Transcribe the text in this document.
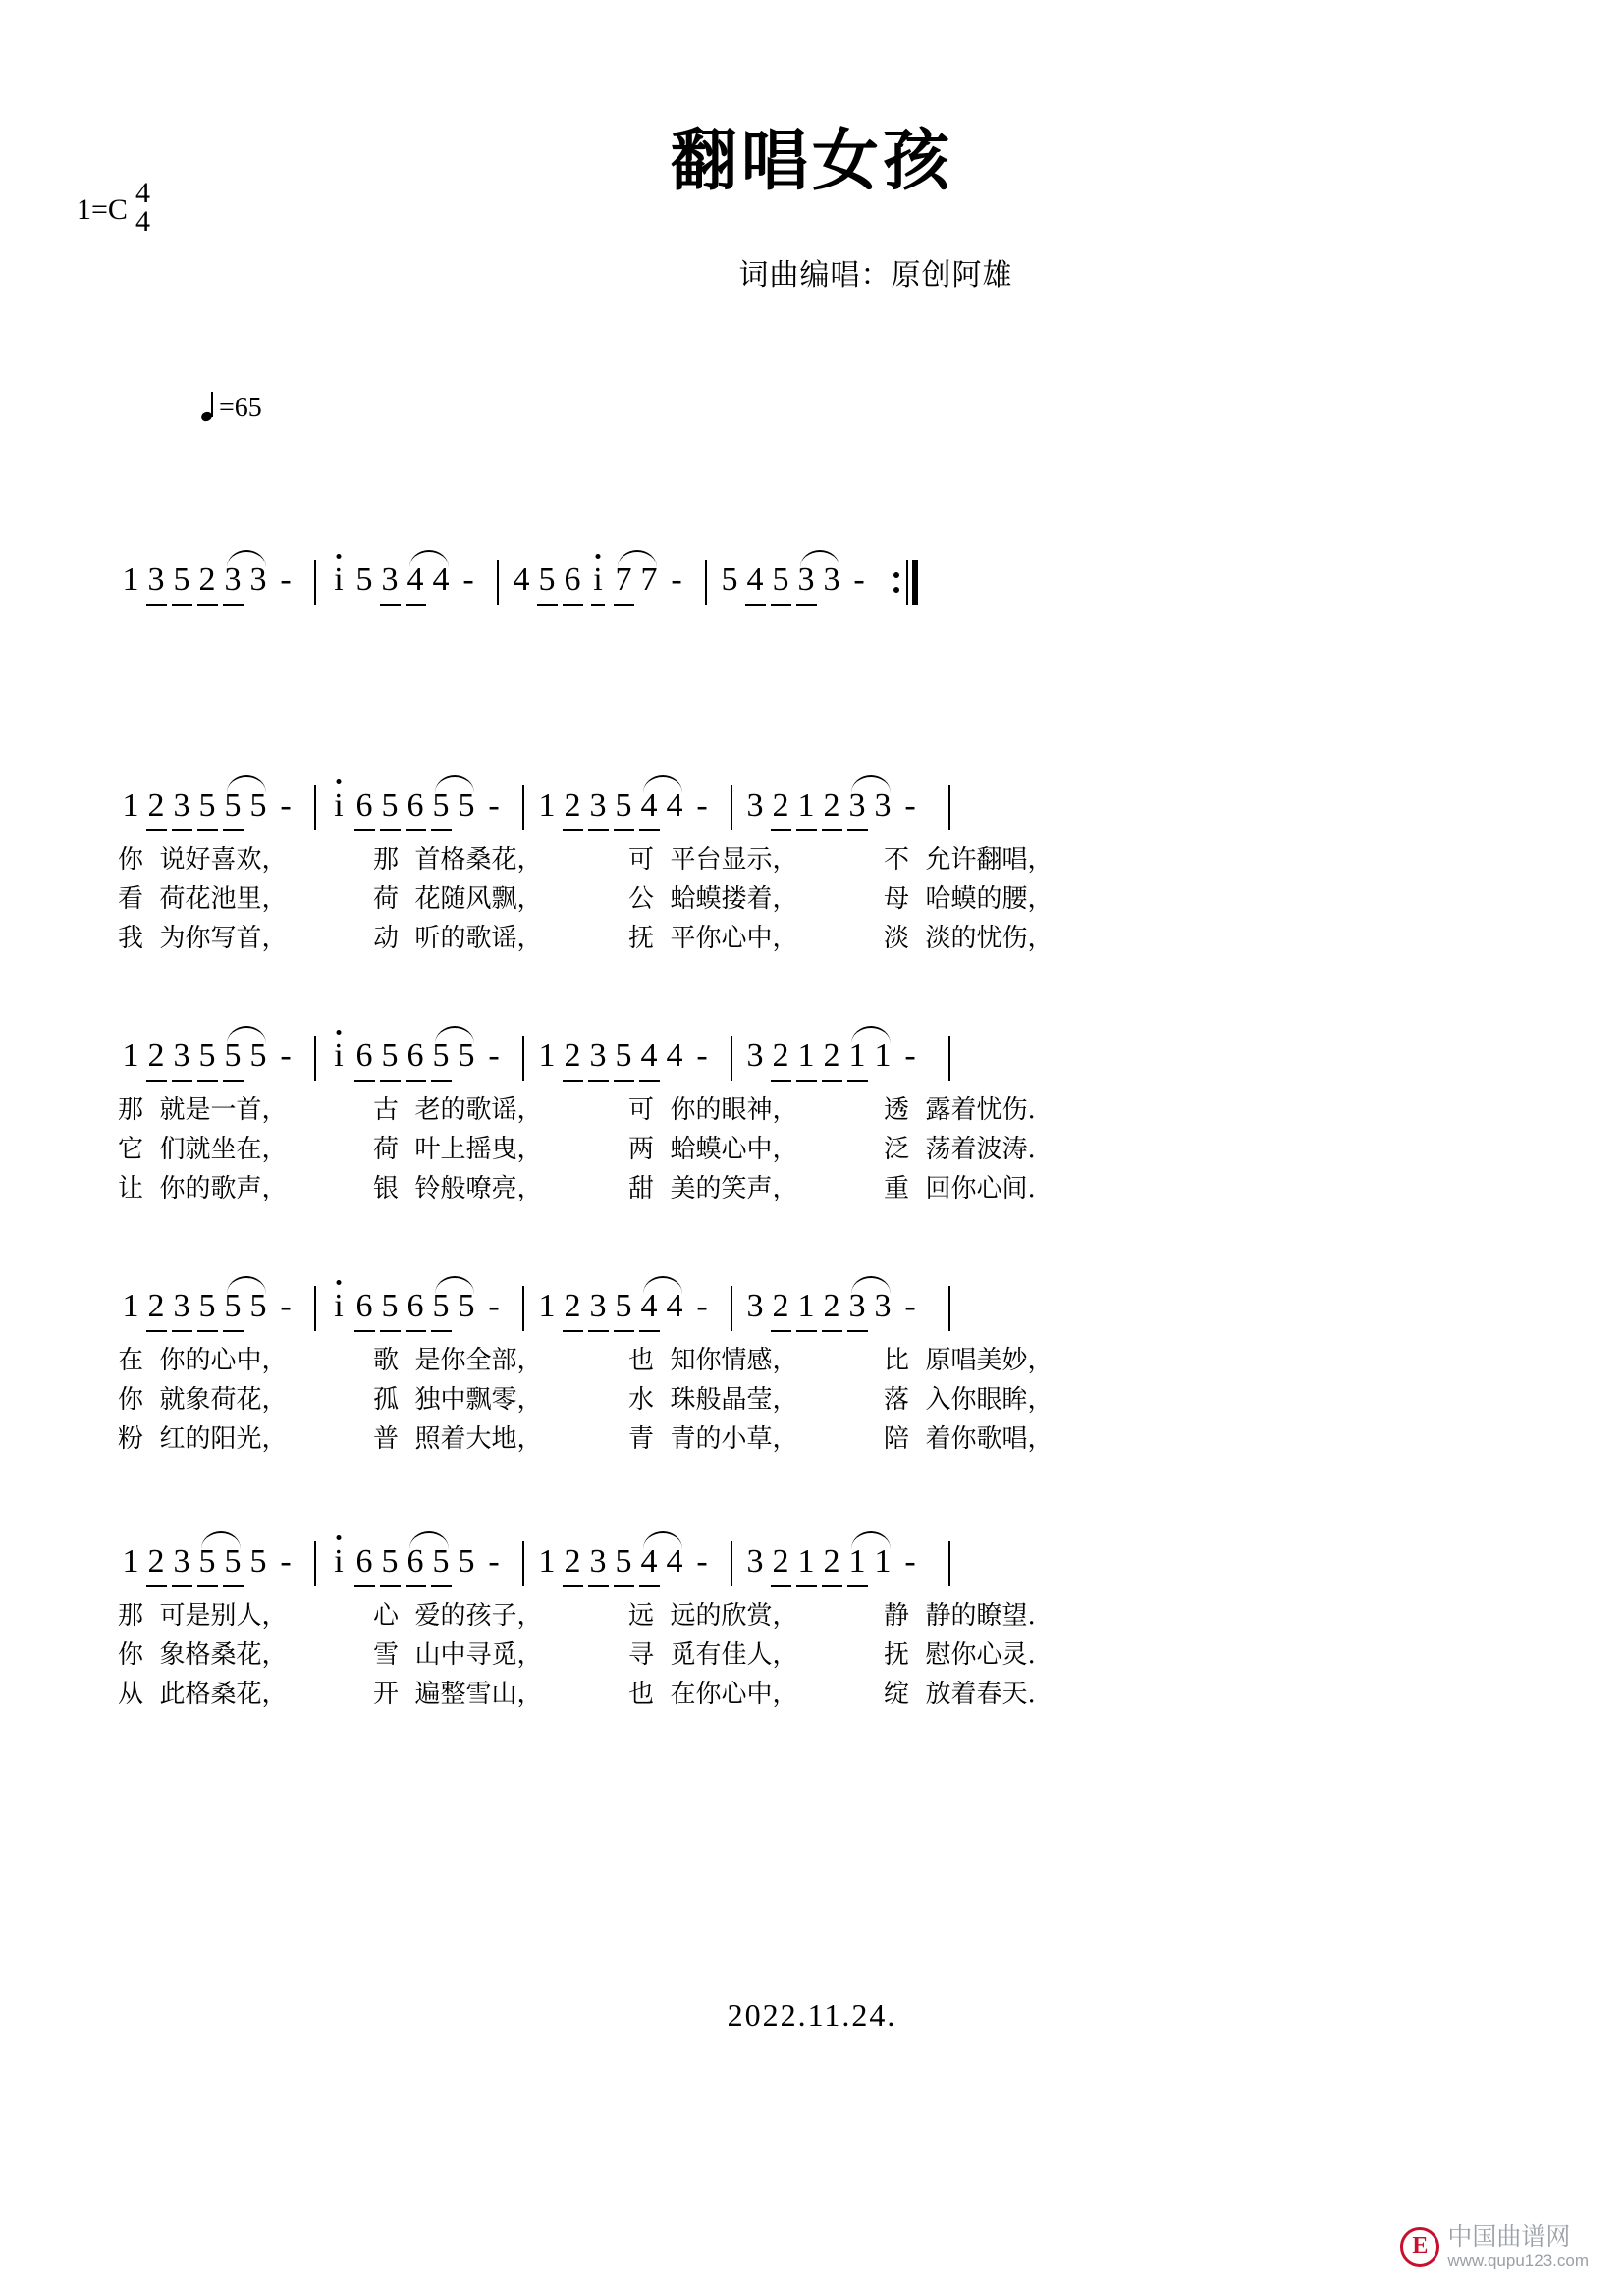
1=C 4
4
翻唱女孩
词曲编唱：原创阿雄
=65
1 3 5 2 3 3 - i 5 3 4 4 - 4 5 6 i 7 7 - 5 4 5 3 3 -
1 2 3 5 5 5 - i 6 5 6 5 5 - 1 2 3 5 4 4 - 3 2 1 2 3 3 -
你  说好喜欢，	那  首格桑花，	可  平台显示，	不  允许翻唱，
看  荷花池里，	荷  花随风飘，	公  蛤蟆搂着，	母  哈蟆的腰，
我  为你写首，	动  听的歌谣，	抚  平你心中，	淡  淡的忧伤，
1 2 3 5 5 5 - i 6 5 6 5 5 - 1 2 3 5 4 4 - 3 2 1 2 1 1 -
那  就是一首，	古  老的歌谣，	可  你的眼神，	透  露着忧伤.
它  们就坐在，	荷  叶上摇曳，	两  蛤蟆心中，	泛  荡着波涛.
让  你的歌声，	银  铃般嘹亮，	甜  美的笑声，	重  回你心间.
1 2 3 5 5 5 - i 6 5 6 5 5 - 1 2 3 5 4 4 - 3 2 1 2 3 3 -
在  你的心中，	歌  是你全部，	也  知你情感，	比  原唱美妙，
你  就象荷花，	孤  独中飘零，	水  珠般晶莹，	落  入你眼眸，
粉  红的阳光，	普  照着大地，	青  青的小草，	陪  着你歌唱，
1 2 3 5 5 5 - i 6 5 6 5 5 - 1 2 3 5 4 4 - 3 2 1 2 1 1 -
那  可是别人，	心  爱的孩子，	远  远的欣赏，	静  静的瞭望.
你  象格桑花，	雪  山中寻觅，	寻  觅有佳人，	抚  慰你心灵.
从  此格桑花，	开  遍整雪山，	也  在你心中，	绽  放着春天.
2022.11.24.
E
中国曲谱网
www.qupu123.com
